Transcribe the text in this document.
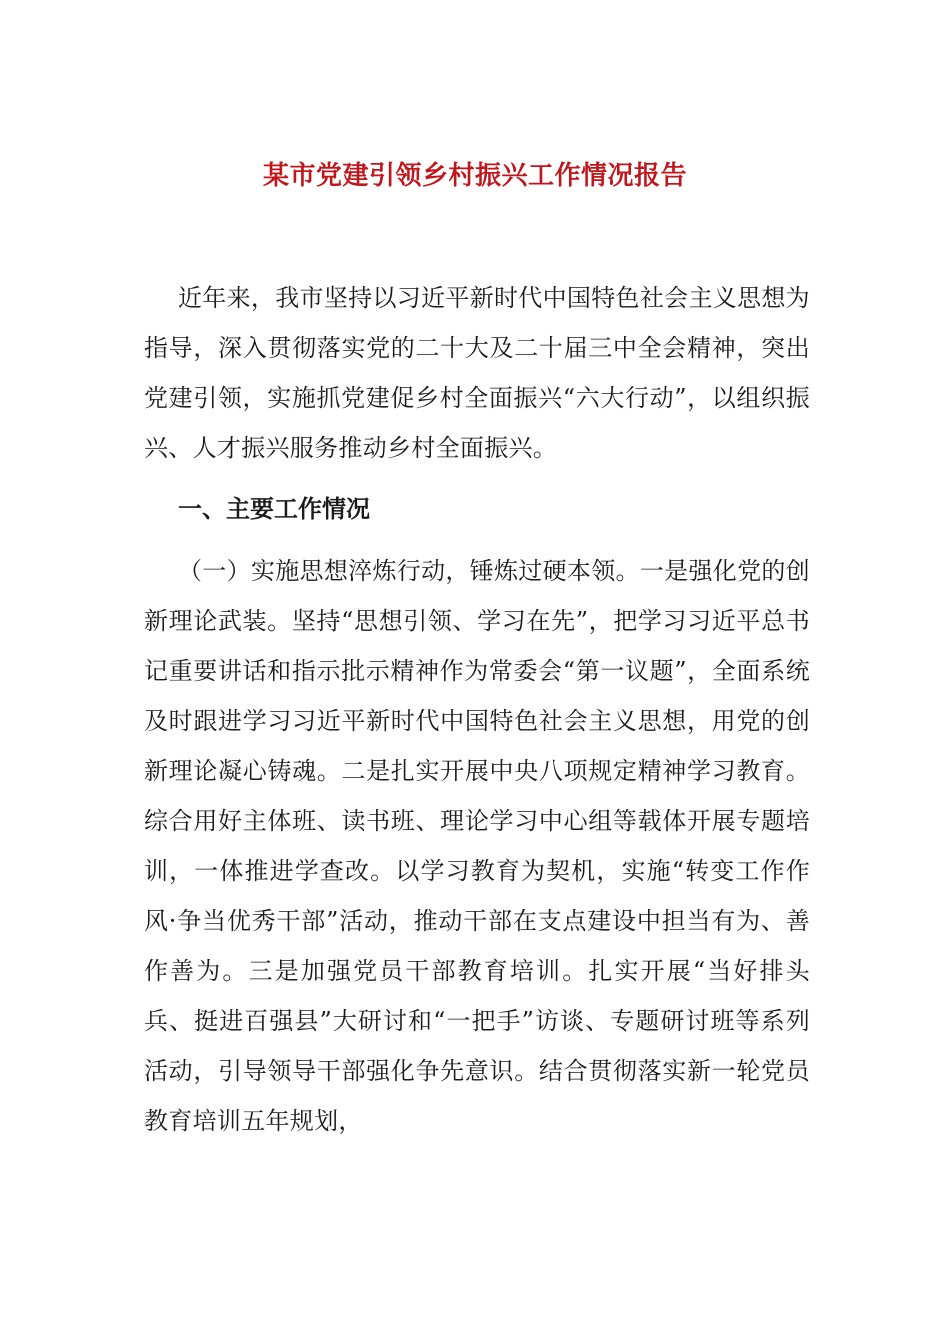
某市党建引领乡村振兴工作情况报告

近年来，我市坚持以习近平新时代中国特色社会主义思想为指导，深入贯彻落实党的二十大及二十届三中全会精神，突出党建引领，实施抓党建促乡村全面振兴“六大行动”，以组织振兴、人才振兴服务推动乡村全面振兴。

一、主要工作情况

（一）实施思想淬炼行动，锤炼过硬本领。一是强化党的创新理论武装。坚持“思想引领、学习在先”，把学习习近平总书记重要讲话和指示批示精神作为常委会“第一议题”，全面系统及时跟进学习习近平新时代中国特色社会主义思想，用党的创新理论凝心铸魂。二是扎实开展中央八项规定精神学习教育。综合用好主体班、读书班、理论学习中心组等载体开展专题培训，一体推进学查改。以学习教育为契机，实施“转变工作作风·争当优秀干部”活动，推动干部在支点建设中担当有为、善作善为。三是加强党员干部教育培训。扎实开展“当好排头兵、挺进百强县”大研讨和“一把手”访谈、专题研讨班等系列活动，引导领导干部强化争先意识。结合贯彻落实新一轮党员教育培训五年规划，
